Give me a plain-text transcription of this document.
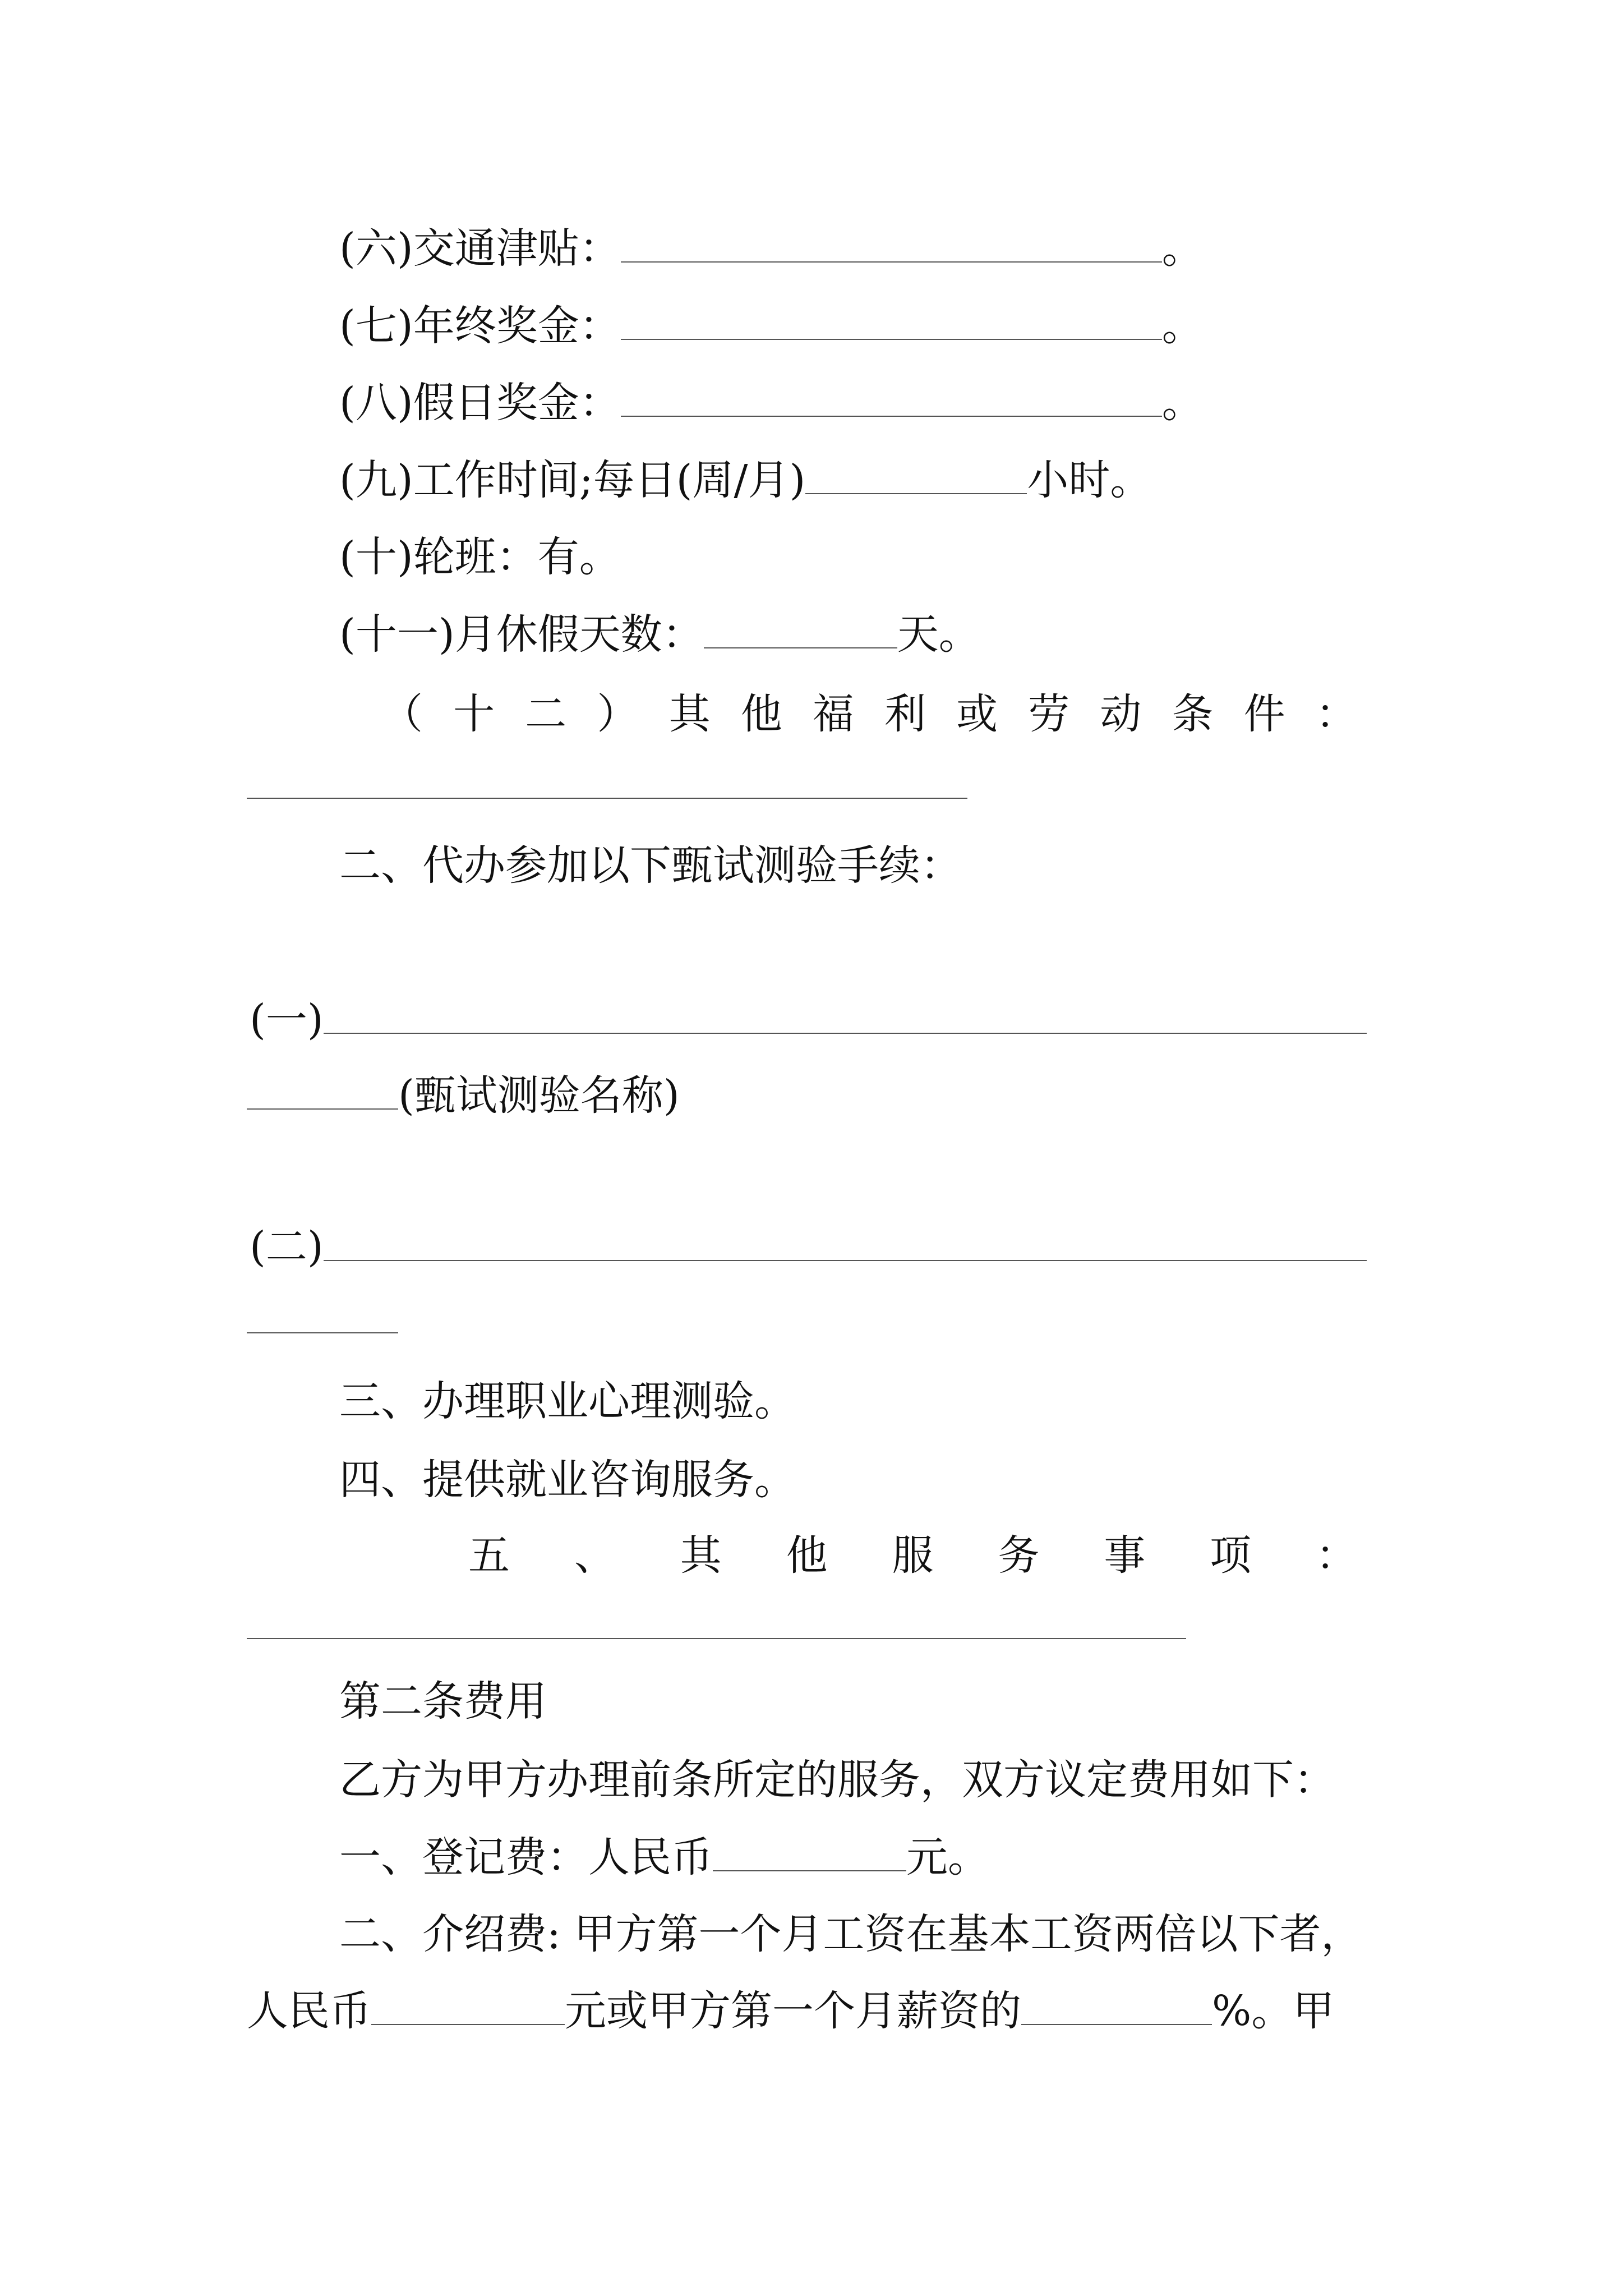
(六)交通津贴：	。
(七)年终奖金：	。
(八)假日奖金：	。
(九)工作时间;每日(周/月)	小时。
(十)轮班：有。
(十一)月休假天数：	天。
（ 十 二 ） 其 他 福 利 或 劳 动 条 件 ：
二、代办参加以下甄试测验手续：
(一)
(甄试测验名称)
(二)
三、办理职业心理测验。
四、提供就业咨询服务。
五 、 其 他 服 务 事 项 ：
第二条费用
乙方为甲方办理前条所定的服务，双方议定费用如下：
一、登记费：人民币	元。
二、介绍费: 甲方第一个月工资在基本工资两倍以下者，
人民币	元或甲方第一个月薪资的	%。甲
